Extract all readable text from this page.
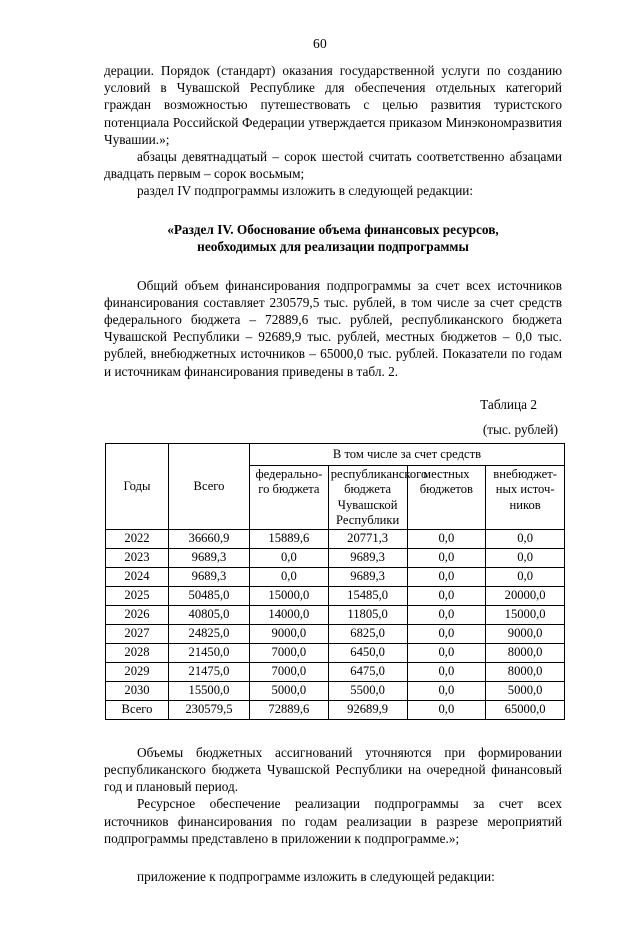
60

дерации. Порядок (стандарт) оказания государственной услуги по созданию условий в Чувашской Республике для обеспечения отдельных категорий граждан возможностью путешествовать с целью развития туристского потенциала Российской Федерации утверждается приказом Минэкономразвития Чувашии.»;

абзацы девятнадцатый – сорок шестой считать соответственно абзацами двадцать первым – сорок восьмым;

раздел IV подпрограммы изложить в следующей редакции:

«Раздел IV. Обоснование объема финансовых ресурсов,

необходимых для реализации подпрограммы

Общий объем финансирования подпрограммы за счет всех источников финансирования составляет 230579,5 тыс. рублей, в том числе за счет средств федерального бюджета – 72889,6 тыс. рублей, республиканского бюджета Чувашской Республики – 92689,9 тыс. рублей, местных бюджетов – 0,0 тыс. рублей, внебюджетных источников – 65000,0 тыс. рублей. Показатели по годам и источникам финансирования приведены в табл. 2.

Таблица 2

(тыс. рублей)

Годы	Всего	В том числе за счет средств			
		федерально-го бюджета	республиканского бюджета Чувашской Республики	местных бюджетов	внебюджет-ных источ-ников
2022	36660,9	15889,6	20771,3	0,0	0,0
2023	9689,3	0,0	9689,3	0,0	0,0
2024	9689,3	0,0	9689,3	0,0	0,0
2025	50485,0	15000,0	15485,0	0,0	20000,0
2026	40805,0	14000,0	11805,0	0,0	15000,0
2027	24825,0	9000,0	6825,0	0,0	9000,0
2028	21450,0	7000,0	6450,0	0,0	8000,0
2029	21475,0	7000,0	6475,0	0,0	8000,0
2030	15500,0	5000,0	5500,0	0,0	5000,0
Всего	230579,5	72889,6	92689,9	0,0	65000,0

Объемы бюджетных ассигнований уточняются при формировании республиканского бюджета Чувашской Республики на очередной финансовый год и плановый период.

Ресурсное обеспечение реализации подпрограммы за счет всех источников финансирования по годам реализации в разрезе мероприятий подпрограммы представлено в приложении к подпрограмме.»;

приложение к подпрограмме изложить в следующей редакции:
